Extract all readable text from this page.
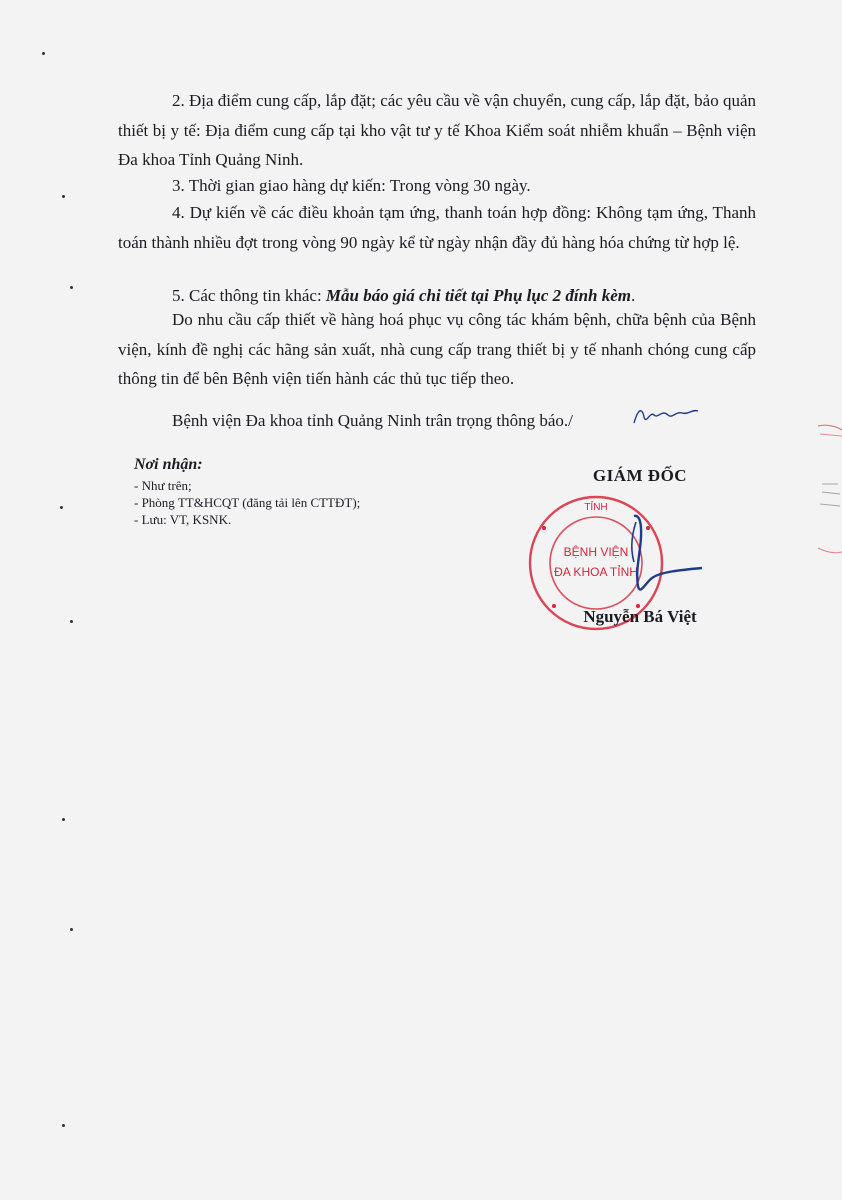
2. Địa điểm cung cấp, lắp đặt; các yêu cầu về vận chuyển, cung cấp, lắp đặt, bảo quản thiết bị y tế: Địa điểm cung cấp tại kho vật tư y tế Khoa Kiểm soát nhiễm khuẩn – Bệnh viện Đa khoa Tỉnh Quảng Ninh.

3. Thời gian giao hàng dự kiến: Trong vòng 30 ngày.

4. Dự kiến về các điều khoản tạm ứng, thanh toán hợp đồng: Không tạm ứng, Thanh toán thành nhiều đợt trong vòng 90 ngày kể từ ngày nhận đầy đủ hàng hóa chứng từ hợp lệ.

5. Các thông tin khác: Mẫu báo giá chi tiết tại Phụ lục 2 đính kèm.

Do nhu cầu cấp thiết về hàng hoá phục vụ công tác khám bệnh, chữa bệnh của Bệnh viện, kính đề nghị các hãng sản xuất, nhà cung cấp trang thiết bị y tế nhanh chóng cung cấp thông tin để bên Bệnh viện tiến hành các thủ tục tiếp theo.

Bệnh viện Đa khoa tỉnh Quảng Ninh trân trọng thông báo./

Nơi nhận:

- Như trên;

- Phòng TT&HCQT (đăng tải lên CTTĐT);

- Lưu: VT, KSNK.

GIÁM ĐỐC
TỈNH
BỆNH VIỆN
ĐA KHOA TỈNH
Nguyễn Bá Việt
